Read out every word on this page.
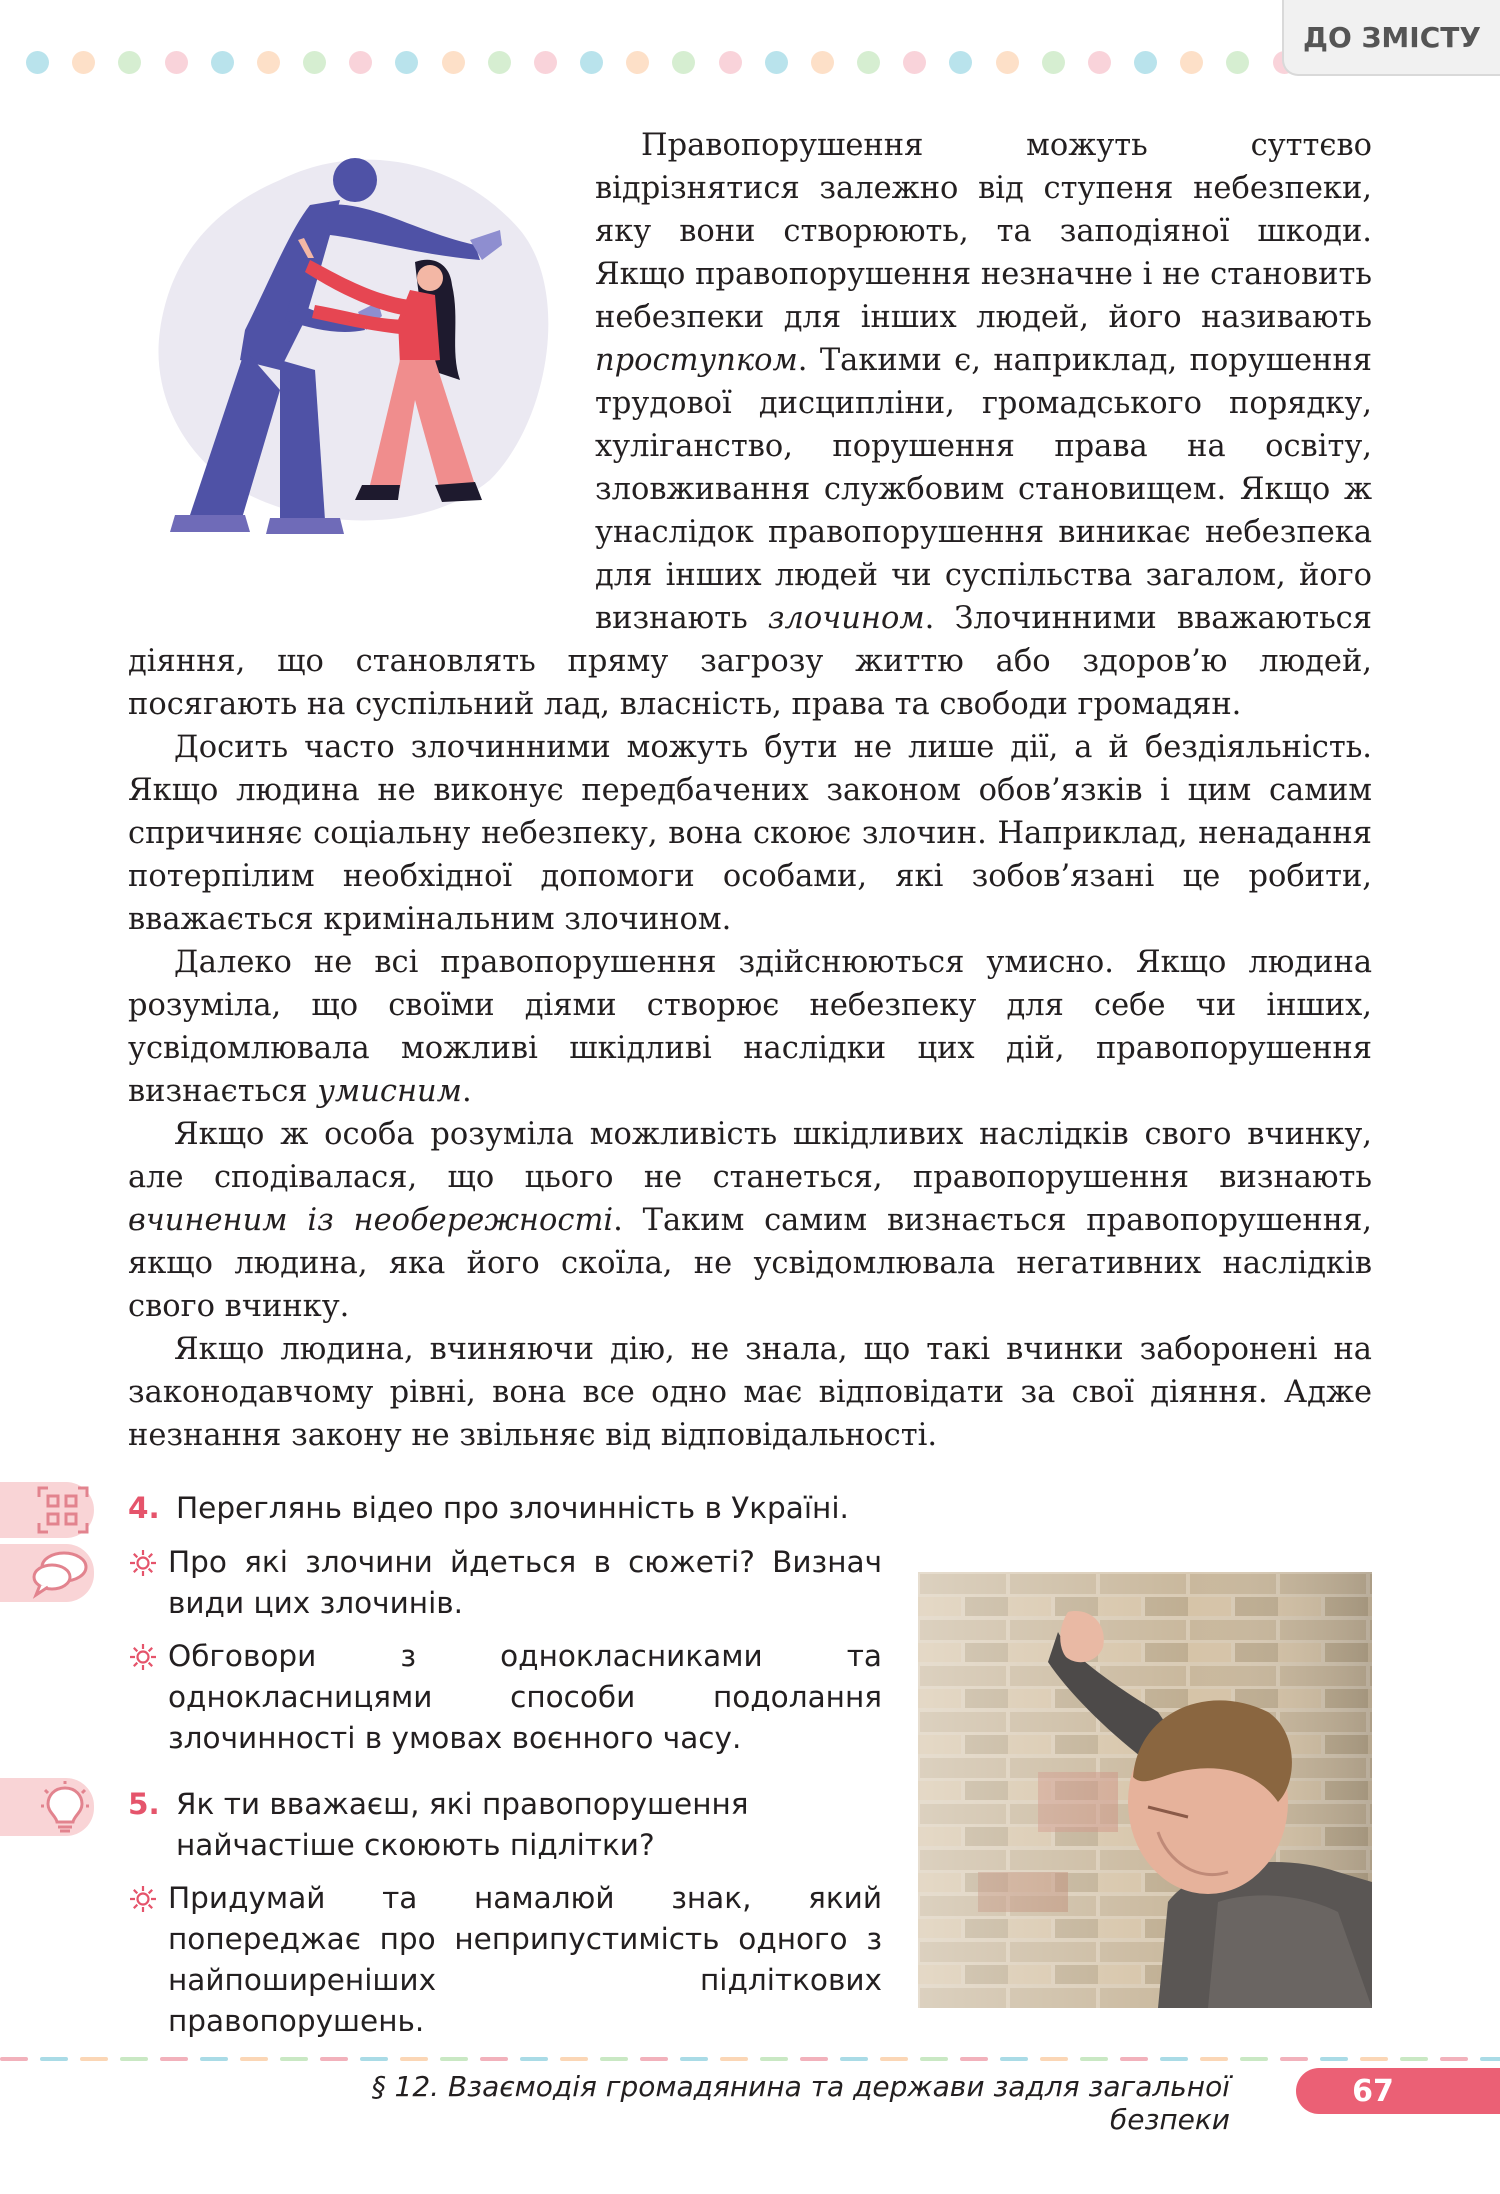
ДО ЗМІСТУ

Правопорушення можуть суттєво відрізнятися залежно від ступеня небезпеки, яку вони створюють, та заподіяної шкоди. Якщо правопорушення незначне і не становить небезпеки для інших людей, його називають проступком. Такими є, наприклад, порушення трудової дисципліни, громадського порядку, хуліганство, порушення права на освіту, зловживання службовим становищем. Якщо ж унаслідок правопорушення виникає небезпека для інших людей чи суспільства загалом, його визнають злочином. Злочинними вважаються діяння, що становлять пряму загрозу життю або здоров’ю людей, посягають на суспільний лад, власність, права та свободи громадян.

Досить часто злочинними можуть бути не лише дії, а й бездіяльність. Якщо людина не виконує передбачених законом обов’язків і цим самим спричиняє соціальну небезпеку, вона скоює злочин. Наприклад, ненадання потерпілим необхідної допомоги особами, які зобов’язані це робити, вважається кримінальним злочином.

Далеко не всі правопорушення здійснюються умисно. Якщо людина розуміла, що своїми діями створює небезпеку для себе чи інших, усвідомлювала можливі шкідливі наслідки цих дій, правопорушення визнається умисним.

Якщо ж особа розуміла можливість шкідливих наслідків свого вчинку, але сподівалася, що цього не станеться, правопорушення визнають вчиненим із необережності. Таким самим визнається правопорушення, якщо людина, яка його скоїла, не усвідомлювала негативних наслідків свого вчинку.

Якщо людина, вчиняючи дію, не знала, що такі вчинки заборонені на законодавчому рівні, вона все одно має відповідати за свої діяння. Адже незнання закону не звільняє від відповідальності.

4. Переглянь відео про злочинність в Україні.
Про які злочини йдеться в сюжеті? Визнач види цих злочинів.
Обговори з однокласниками та однокласницями способи подолання злочинності в умовах воєнного часу.
5. Як ти вважаєш, які правопорушення найчастіше скоюють підлітки?
Придумай та намалюй знак, який попереджає про неприпустимість одного з найпоширеніших підліткових правопорушень.
§ 12. Взаємодія громадянина та держави задля загальної безпеки
67
